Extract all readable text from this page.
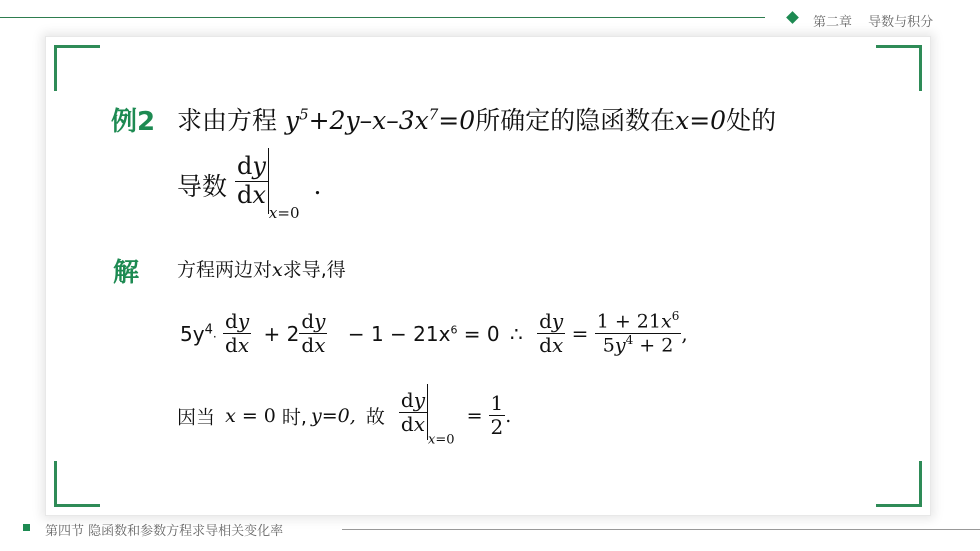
第二章 导数与积分
例2 求由方程 $y^5+2y-x-3x^7=0$所确定的隐函数在x=0处的
导数 $\frac{dy}{dx}$
$_{x=0}$ .
解 方程两边对x求导,得
$5y^4\cdot \frac{dy}{dx} + 2 \frac{dy}{dx} - 1 - 21x^6 = 0$ ∴ $\frac{dy}{dx} = \frac{1 + 21x^6}{5y^4 + 2}$ ,
因当 x = 0 时, y=0, 故 $\frac{dy}{dx}$
$_{x=0} = \frac{1}{2}$ .
第四节 隐函数和参数方程求导相关变化率
